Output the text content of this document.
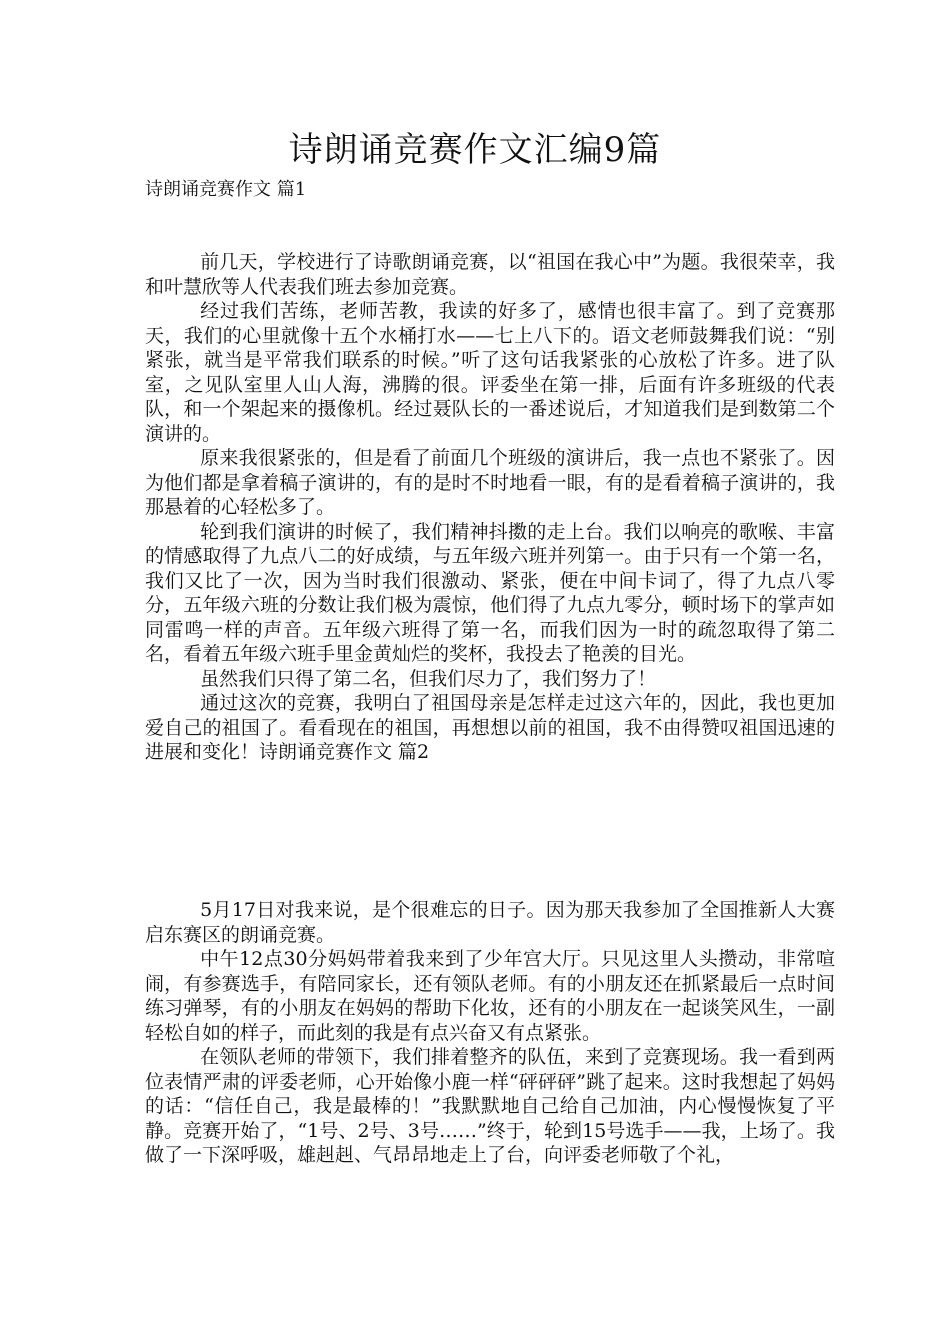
诗朗诵竞赛作文汇编9篇
诗朗诵竞赛作文 篇1

前几天，学校进行了诗歌朗诵竞赛，以“祖国在我心中”为题。我很荣幸，我和叶慧欣等人代表我们班去参加竞赛。

经过我们苦练，老师苦教，我读的好多了，感情也很丰富了。到了竞赛那天，我们的心里就像十五个水桶打水——七上八下的。语文老师鼓舞我们说：“别紧张，就当是平常我们联系的时候。”听了这句话我紧张的心放松了许多。进了队室，之见队室里人山人海，沸腾的很。评委坐在第一排，后面有许多班级的代表队，和一个架起来的摄像机。经过聂队长的一番述说后，才知道我们是到数第二个演讲的。

原来我很紧张的，但是看了前面几个班级的演讲后，我一点也不紧张了。因为他们都是拿着稿子演讲的，有的是时不时地看一眼，有的是看着稿子演讲的，我那悬着的心轻松多了。

轮到我们演讲的时候了，我们精神抖擞的走上台。我们以响亮的歌喉、丰富的情感取得了九点八二的好成绩，与五年级六班并列第一。由于只有一个第一名，我们又比了一次，因为当时我们很激动、紧张，便在中间卡词了，得了九点八零分，五年级六班的分数让我们极为震惊，他们得了九点九零分，顿时场下的掌声如同雷鸣一样的声音。五年级六班得了第一名，而我们因为一时的疏忽取得了第二名，看着五年级六班手里金黄灿烂的奖杯，我投去了艳羡的目光。

虽然我们只得了第二名，但我们尽力了，我们努力了！

通过这次的竞赛，我明白了祖国母亲是怎样走过这六年的，因此，我也更加爱自己的祖国了。看看现在的祖国，再想想以前的祖国，我不由得赞叹祖国迅速的进展和变化！诗朗诵竞赛作文 篇2

5月17日对我来说，是个很难忘的日子。因为那天我参加了全国推新人大赛启东赛区的朗诵竞赛。

中午12点30分妈妈带着我来到了少年宫大厅。只见这里人头攒动，非常喧闹，有参赛选手，有陪同家长，还有领队老师。有的小朋友还在抓紧最后一点时间练习弹琴，有的小朋友在妈妈的帮助下化妆，还有的小朋友在一起谈笑风生，一副轻松自如的样子，而此刻的我是有点兴奋又有点紧张。

在领队老师的带领下，我们排着整齐的队伍，来到了竞赛现场。我一看到两位表情严肃的评委老师，心开始像小鹿一样“砰砰砰”跳了起来。这时我想起了妈妈的话：“信任自己，我是最棒的！”我默默地自己给自己加油，内心慢慢恢复了平静。竞赛开始了，“1号、2号、3号……”终于，轮到15号选手——我，上场了。我做了一下深呼吸，雄赳赳、气昂昂地走上了台，向评委老师敬了个礼，
